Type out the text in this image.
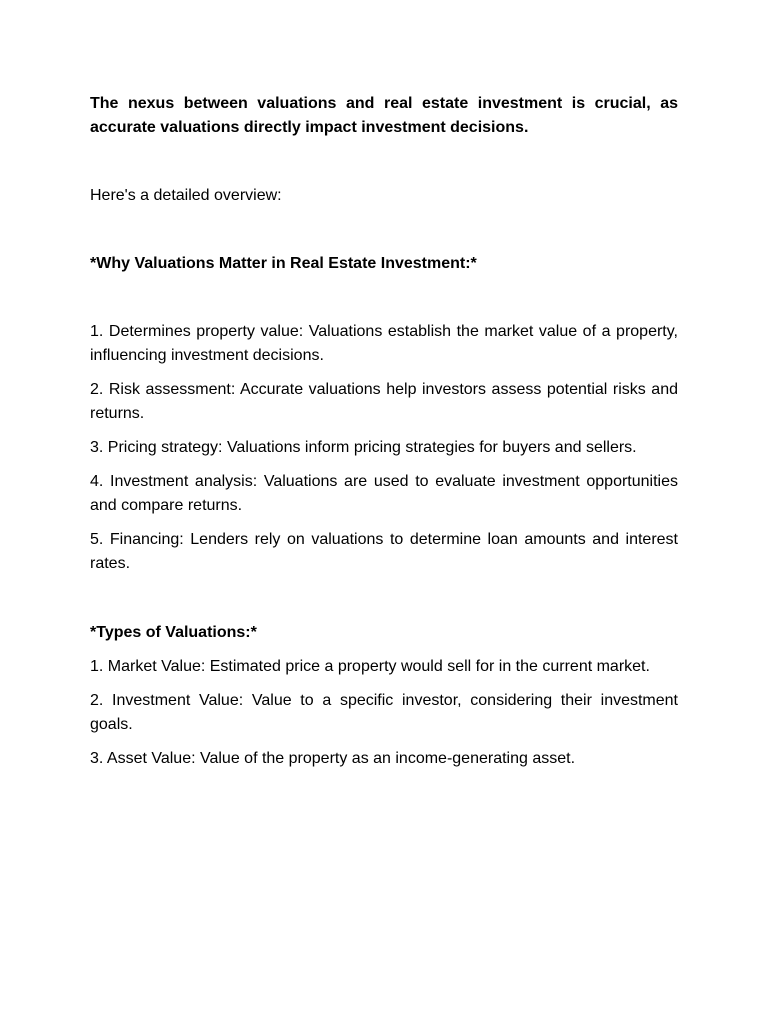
The nexus between valuations and real estate investment is crucial, as accurate valuations directly impact investment decisions.

Here's a detailed overview:

*Why Valuations Matter in Real Estate Investment:*

1. Determines property value: Valuations establish the market value of a property, influencing investment decisions.

2. Risk assessment: Accurate valuations help investors assess potential risks and returns.

3. Pricing strategy: Valuations inform pricing strategies for buyers and sellers.

4. Investment analysis: Valuations are used to evaluate investment opportunities and compare returns.

5. Financing: Lenders rely on valuations to determine loan amounts and interest rates.

*Types of Valuations:*

1. Market Value: Estimated price a property would sell for in the current market.

2. Investment Value: Value to a specific investor, considering their investment goals.

3. Asset Value: Value of the property as an income-generating asset.
